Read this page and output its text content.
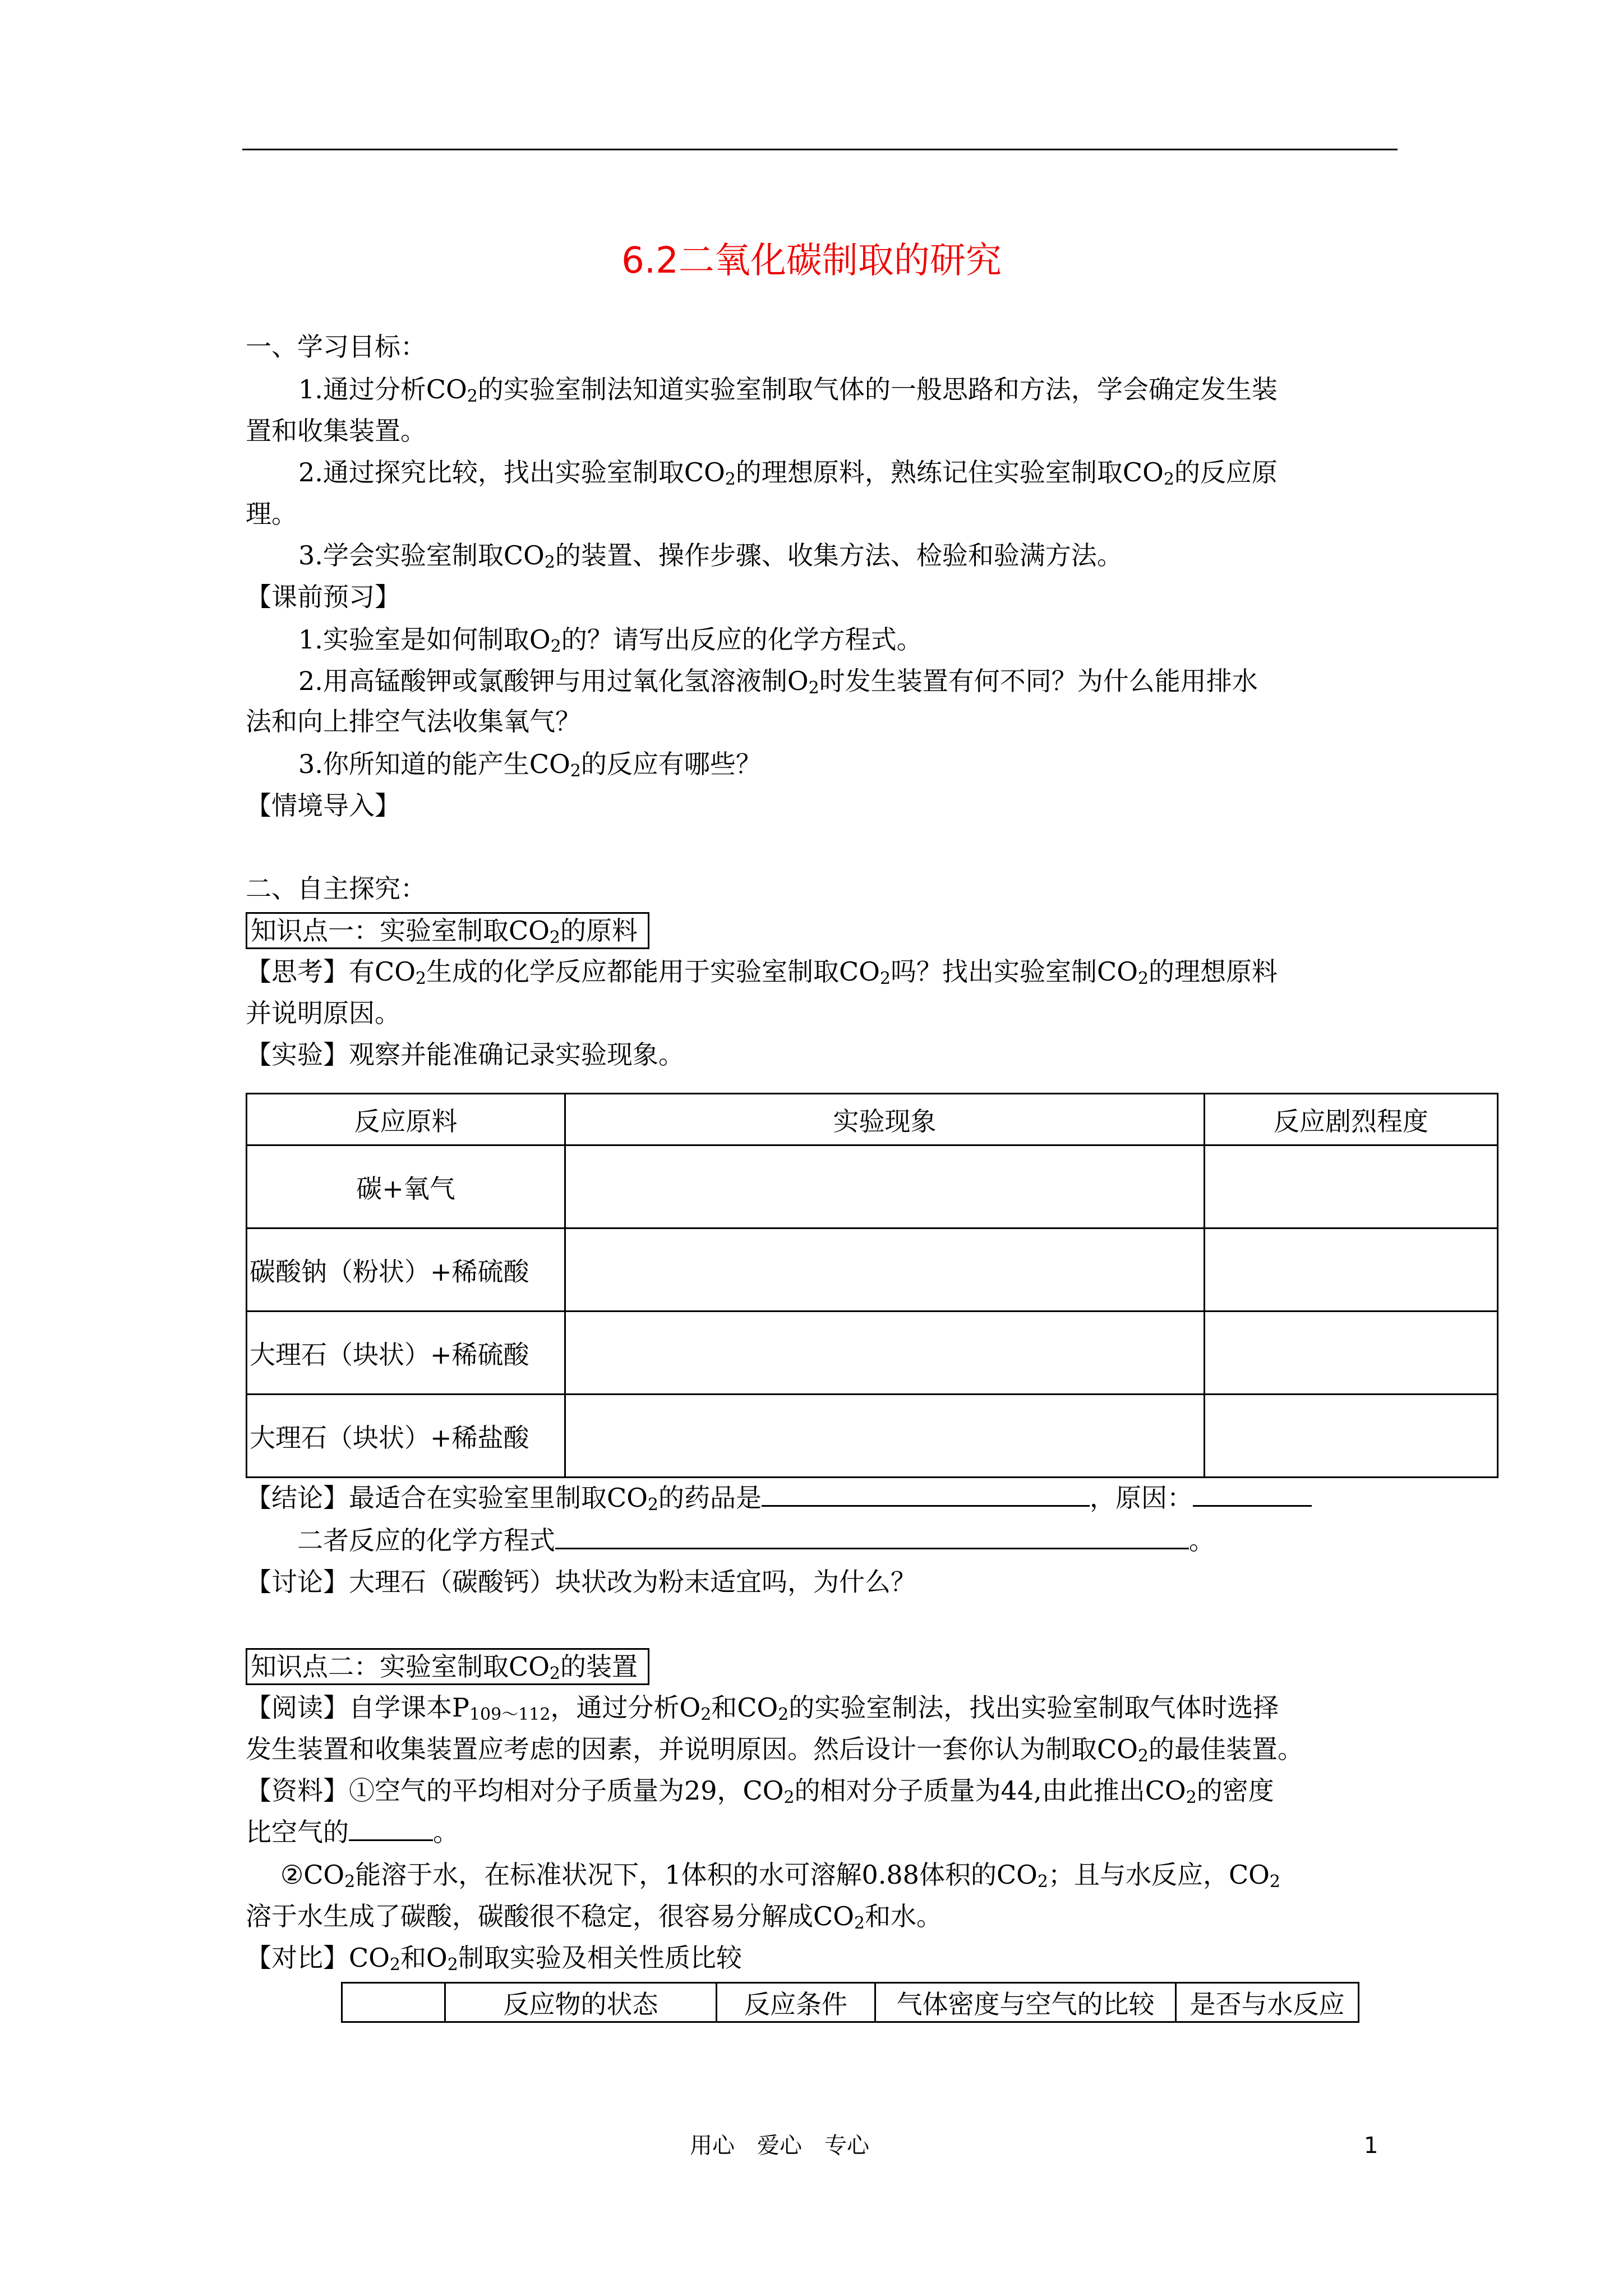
6.2二氧化碳制取的研究
一、学习目标：
1.通过分析$CO_2$的实验室制法知道实验室制取气体的一般思路和方法，学会确定发生装
置和收集装置。
2.通过探究比较，找出实验室制取$CO_2$的理想原料，熟练记住实验室制取$CO_2$的反应原
理。
3.学会实验室制取$CO_2$的装置、操作步骤、收集方法、检验和验满方法。
【课前预习】
1.实验室是如何制取$O_2$的？请写出反应的化学方程式。
2.用高锰酸钾或氯酸钾与用过氧化氢溶液制$O_2$时发生装置有何不同？为什么能用排水
法和向上排空气法收集氧气？
3.你所知道的能产生$CO_2$的反应有哪些？
【情境导入】
二、自主探究：
知识点一：实验室制取$CO_2$的原料
【思考】有$CO_2$生成的化学反应都能用于实验室制取$CO_2$吗？找出实验室制$CO_2$的理想原料
并说明原因。
【实验】观察并能准确记录实验现象。
反应原料	实验现象	反应剧烈程度
碳+氧气		
碳酸钠（粉状）+稀硫酸		
大理石（块状）+稀硫酸		
大理石（块状）+稀盐酸		
【结论】最适合在实验室里制取$CO_2$的药品是	，原因：
二者反应的化学方程式	。
【讨论】大理石（碳酸钙）块状改为粉末适宜吗，为什么？
知识点二：实验室制取$CO_2$的装置
【阅读】自学课本$P_{109\sim 112}$，通过分析$O_2$和$CO_2$的实验室制法，找出实验室制取气体时选择
发生装置和收集装置应考虑的因素，并说明原因。然后设计一套你认为制取$CO_2$的最佳装置。
【资料】①空气的平均相对分子质量为29，$CO_2$的相对分子质量为44,由此推出$CO_2$的密度
比空气的	。
$②CO_2$能溶于水，在标准状况下，1体积的水可溶解0.88体积的$CO_2$；且与水反应，$CO_2$
溶于水生成了碳酸，碳酸很不稳定，很容易分解成$CO_2$和水。
【对比】$CO_2$和$O_2$制取实验及相关性质比较
	反应物的状态	反应条件	气体密度与空气的比较	是否与水反应
用心　爱心　专心	1
